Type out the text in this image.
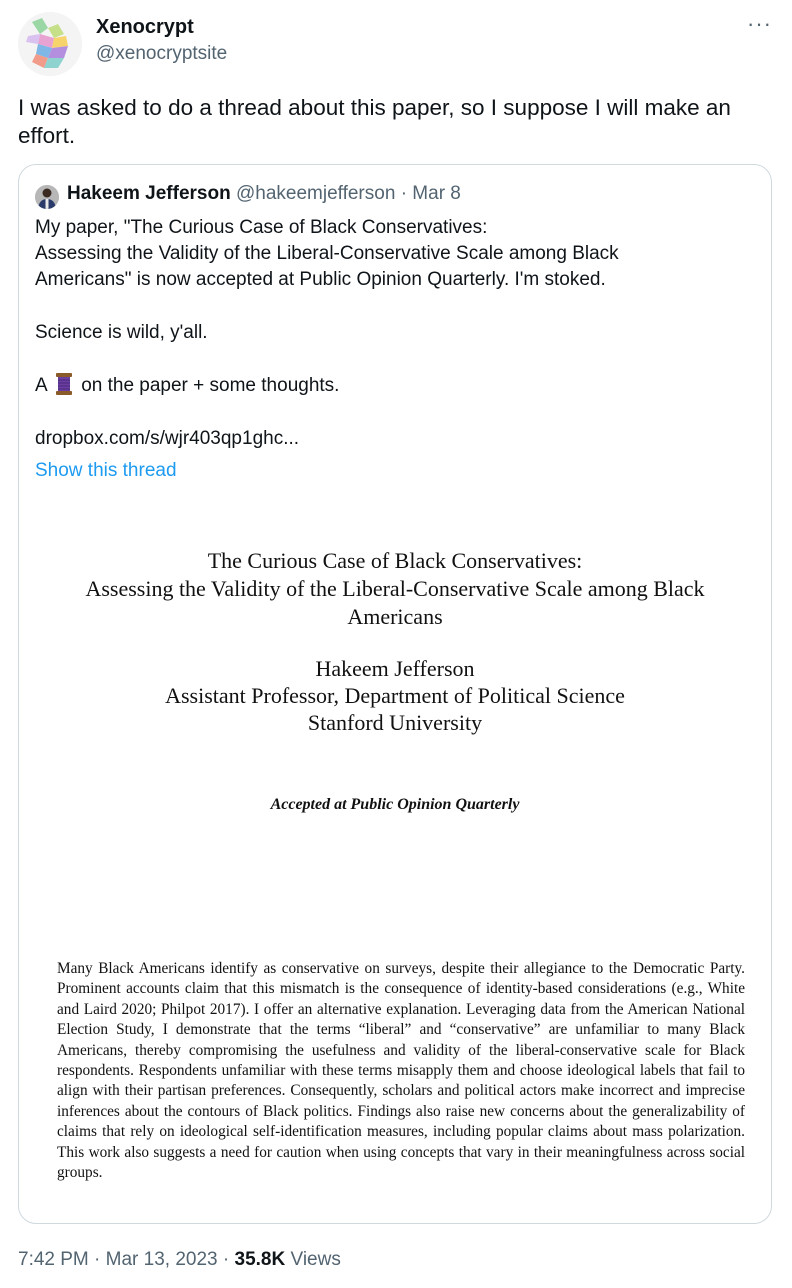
Xenocrypt
@xenocryptsite
···
I was asked to do a thread about this paper, so I suppose I will make an effort.
Hakeem Jefferson @hakeemjefferson · Mar 8

My paper, "The Curious Case of Black Conservatives:
Assessing the Validity of the Liberal-Conservative Scale among Black
Americans" is now accepted at Public Opinion Quarterly. I'm stoked.

Science is wild, y'all.

A on the paper + some thoughts.

dropbox.com/s/wjr403qp1ghc...

Show this thread
The Curious Case of Black Conservatives:
Assessing the Validity of the Liberal-Conservative Scale among Black
Americans
Hakeem Jefferson
Assistant Professor, Department of Political Science
Stanford University
Accepted at Public Opinion Quarterly
Many Black Americans identify as conservative on surveys, despite their allegiance to the Democratic Party. Prominent accounts claim that this mismatch is the consequence of identity-based considerations (e.g., White and Laird 2020; Philpot 2017). I offer an alternative explanation. Leveraging data from the American National Election Study, I demonstrate that the terms “liberal” and “conservative” are unfamiliar to many Black Americans, thereby compromising the usefulness and validity of the liberal-conservative scale for Black respondents. Respondents unfamiliar with these terms misapply them and choose ideological labels that fail to align with their partisan preferences. Consequently, scholars and political actors make incorrect and imprecise inferences about the contours of Black politics. Findings also raise new concerns about the generalizability of claims that rely on ideological self-identification measures, including popular claims about mass polarization. This work also suggests a need for caution when using concepts that vary in their meaningfulness across social groups.
7:42 PM · Mar 13, 2023 · 35.8K Views
